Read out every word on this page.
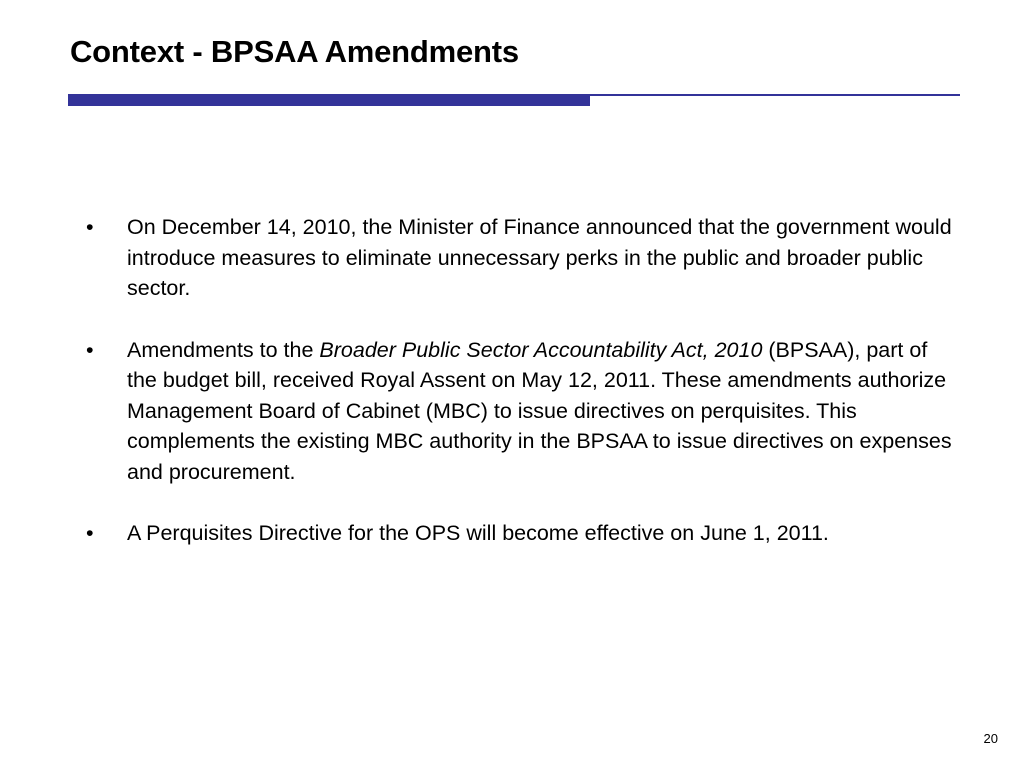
Context - BPSAA Amendments
• On December 14, 2010, the Minister of Finance announced that the government would introduce measures to eliminate unnecessary perks in the public and broader public sector.
• Amendments to the Broader Public Sector Accountability Act, 2010 (BPSAA), part of the budget bill, received Royal Assent on May 12, 2011. These amendments authorize Management Board of Cabinet (MBC) to issue directives on perquisites. This complements the existing MBC authority in the BPSAA to issue directives on expenses and procurement.
• A Perquisites Directive for the OPS will become effective on June 1, 2011.
20
